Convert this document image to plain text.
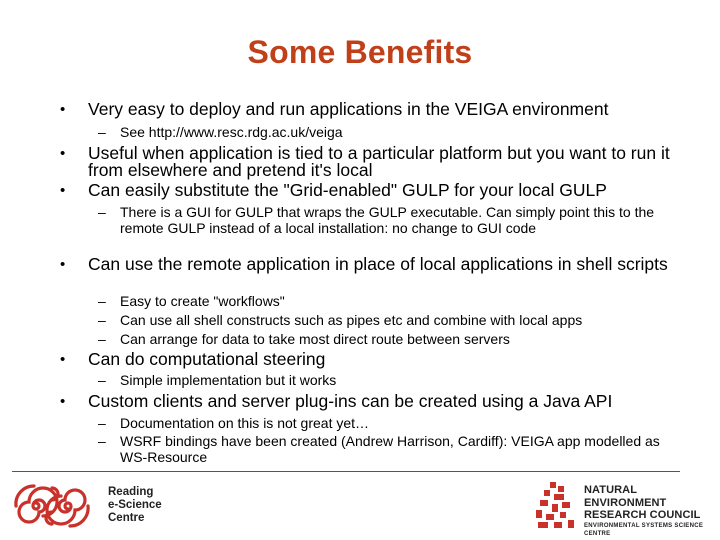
Some Benefits
• Very easy to deploy and run applications in the VEIGA environment
– See http://www.resc.rdg.ac.uk/veiga
• Useful when application is tied to a particular platform but you want to run it from elsewhere and pretend it's local
• Can easily substitute the "Grid-enabled" GULP for your local GULP
– There is a GUI for GULP that wraps the GULP executable. Can simply point this to the remote GULP instead of a local installation: no change to GUI code
• Can use the remote application in place of local applications in shell scripts
– Easy to create "workflows"
– Can use all shell constructs such as pipes etc and combine with local apps
– Can arrange for data to take most direct route between servers
• Can do computational steering
– Simple implementation but it works
• Custom clients and server plug-ins can be created using a Java API
– Documentation on this is not great yet…
– WSRF bindings have been created (Andrew Harrison, Cardiff): VEIGA app modelled as WS-Resource
Reading
e-Science
Centre
NATURAL
ENVIRONMENT
RESEARCH COUNCIL
ENVIRONMENTAL SYSTEMS SCIENCE CENTRE
